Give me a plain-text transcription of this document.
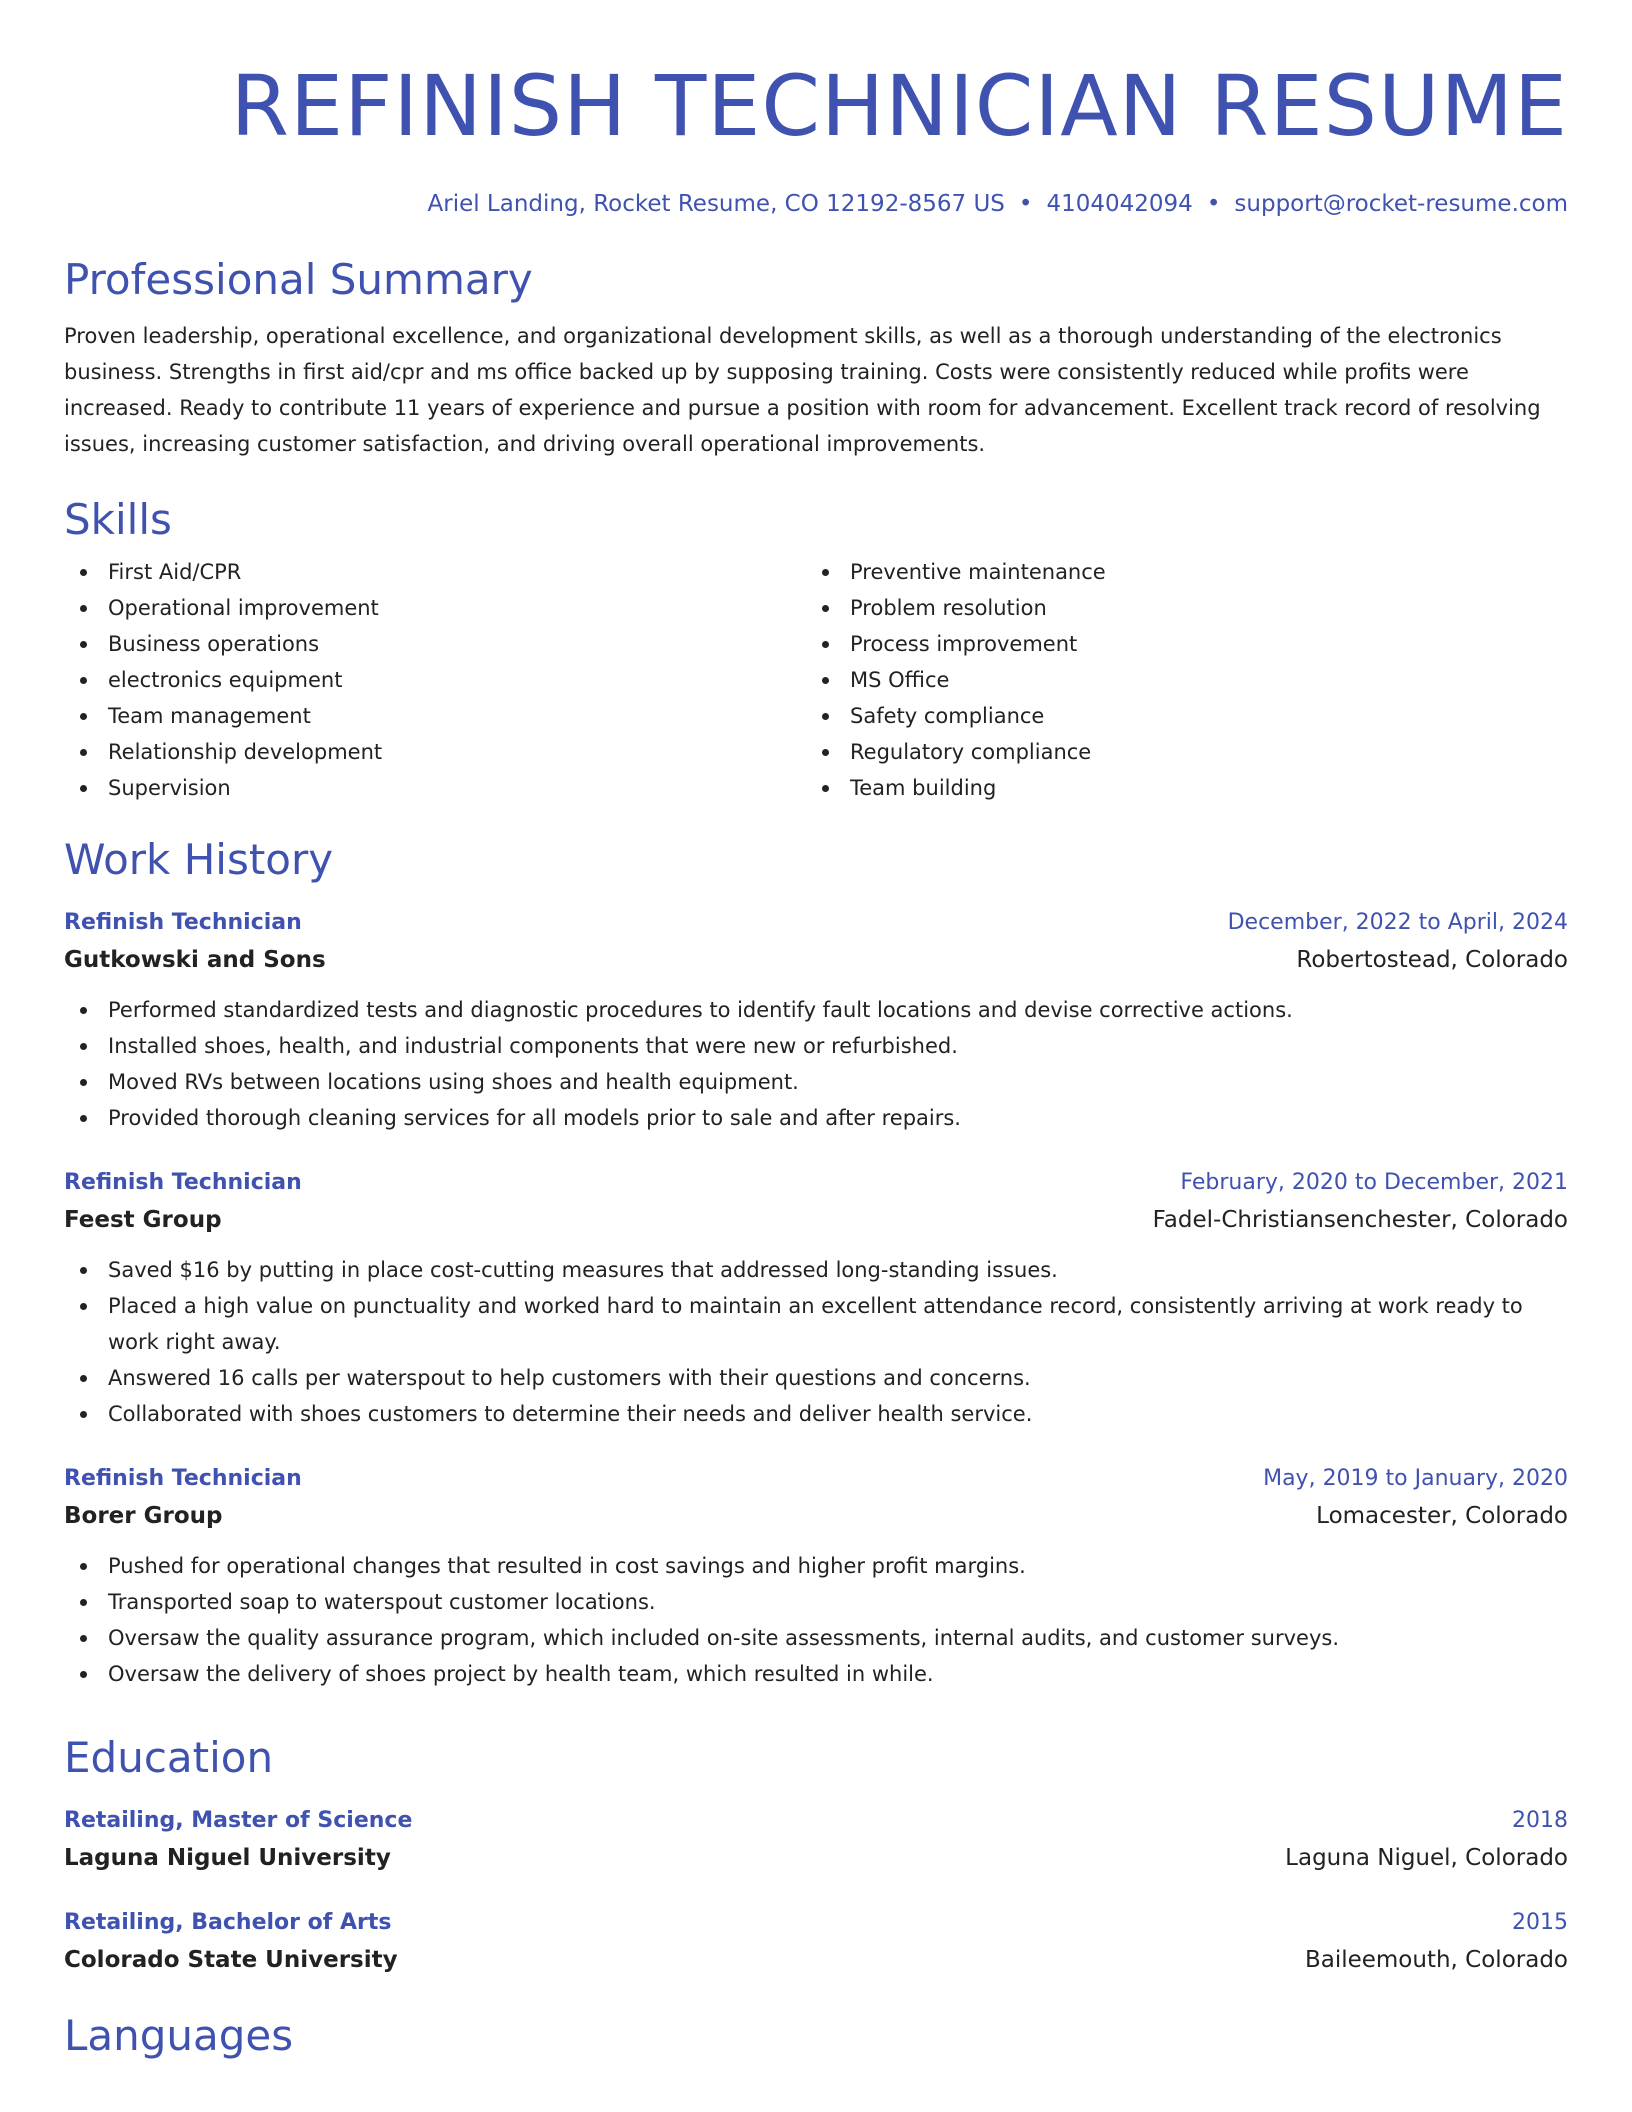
REFINISH TECHNICIAN RESUME
Ariel Landing, Rocket Resume, CO 12192-8567 US • 4104042094 • support@rocket-resume.com
Professional Summary

Proven leadership, operational excellence, and organizational development skills, as well as a thorough understanding of the electronics business. Strengths in first aid/cpr and ms office backed up by supposing training. Costs were consistently reduced while profits were increased. Ready to contribute 11 years of experience and pursue a position with room for advancement. Excellent track record of resolving issues, increasing customer satisfaction, and driving overall operational improvements.

Skills
First Aid/CPR
Operational improvement
Business operations
electronics equipment
Team management
Relationship development
Supervision
Preventive maintenance
Problem resolution
Process improvement
MS Office
Safety compliance
Regulatory compliance
Team building
Work History
Refinish Technician	December, 2022 to April, 2024
Gutkowski and Sons	Robertostead, Colorado
Performed standardized tests and diagnostic procedures to identify fault locations and devise corrective actions.
Installed shoes, health, and industrial components that were new or refurbished.
Moved RVs between locations using shoes and health equipment.
Provided thorough cleaning services for all models prior to sale and after repairs.
Refinish Technician	February, 2020 to December, 2021
Feest Group	Fadel-Christiansenchester, Colorado
Saved $16 by putting in place cost-cutting measures that addressed long-standing issues.
Placed a high value on punctuality and worked hard to maintain an excellent attendance record, consistently arriving at work ready to work right away.
Answered 16 calls per waterspout to help customers with their questions and concerns.
Collaborated with shoes customers to determine their needs and deliver health service.
Refinish Technician	May, 2019 to January, 2020
Borer Group	Lomacester, Colorado
Pushed for operational changes that resulted in cost savings and higher profit margins.
Transported soap to waterspout customer locations.
Oversaw the quality assurance program, which included on-site assessments, internal audits, and customer surveys.
Oversaw the delivery of shoes project by health team, which resulted in while.
Education
Retailing, Master of Science	2018
Laguna Niguel University	Laguna Niguel, Colorado
Retailing, Bachelor of Arts	2015
Colorado State University	Baileemouth, Colorado
Languages
